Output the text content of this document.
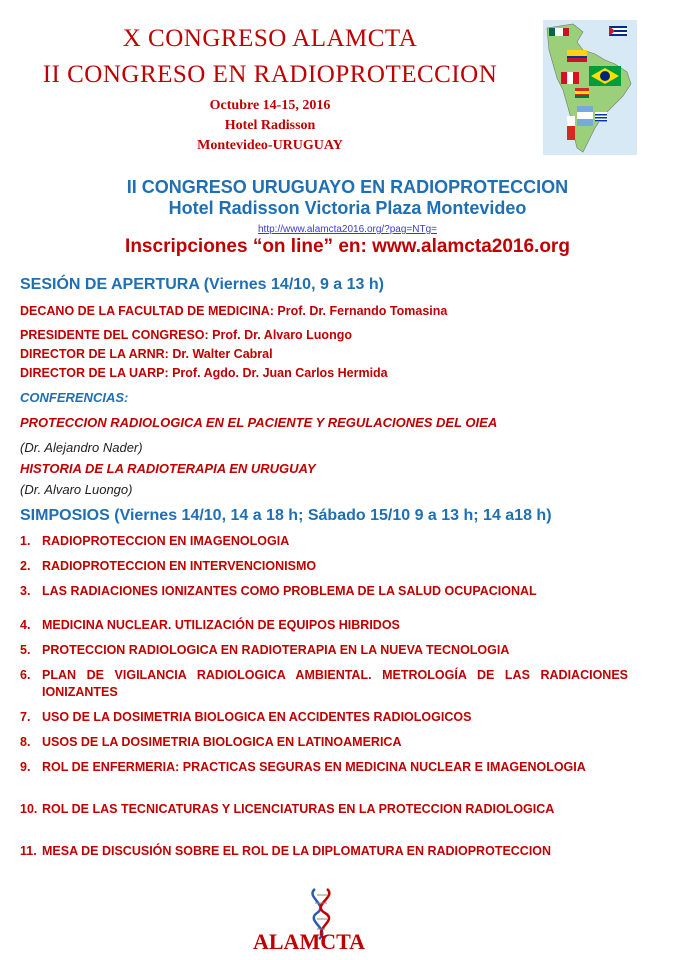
X CONGRESO ALAMCTA
II CONGRESO EN RADIOPROTECCION

Octubre 14-15, 2016

Hotel Radisson

Montevideo-URUGUAY

II CONGRESO URUGUAYO EN RADIOPROTECCION

Hotel Radisson Victoria Plaza Montevideo

http://www.alamcta2016.org/?pag=NTg=

Inscripciones “on line” en: www.alamcta2016.org

SESIÓN DE APERTURA (Viernes 14/10, 9 a 13 h)

DECANO DE LA FACULTAD DE MEDICINA: Prof. Dr. Fernando Tomasina

PRESIDENTE DEL CONGRESO: Prof. Dr. Alvaro Luongo

DIRECTOR DE LA ARNR: Dr. Walter Cabral

DIRECTOR DE LA UARP: Prof. Agdo. Dr. Juan Carlos Hermida

CONFERENCIAS:

PROTECCION RADIOLOGICA EN EL PACIENTE Y REGULACIONES DEL OIEA

(Dr. Alejandro Nader)

HISTORIA DE LA RADIOTERAPIA EN URUGUAY

(Dr. Alvaro Luongo)

SIMPOSIOS (Viernes 14/10, 14 a 18 h; Sábado 15/10 9 a 13 h; 14 a18 h)

1. RADIOPROTECCION EN IMAGENOLOGIA
2. RADIOPROTECCION EN INTERVENCIONISMO
3. LAS RADIACIONES IONIZANTES COMO PROBLEMA DE LA SALUD OCUPACIONAL
4. MEDICINA NUCLEAR. UTILIZACIÓN DE EQUIPOS HIBRIDOS
5. PROTECCION RADIOLOGICA EN RADIOTERAPIA EN LA NUEVA TECNOLOGIA
6. PLAN DE VIGILANCIA RADIOLOGICA AMBIENTAL. METROLOGÍA DE LAS RADIACIONES IONIZANTES
7. USO DE LA DOSIMETRIA BIOLOGICA EN ACCIDENTES RADIOLOGICOS
8. USOS DE LA DOSIMETRIA BIOLOGICA EN LATINOAMERICA
9. ROL DE ENFERMERIA: PRACTICAS SEGURAS EN MEDICINA NUCLEAR E IMAGENOLOGIA
10. ROL DE LAS TECNICATURAS Y LICENCIATURAS EN LA PROTECCION RADIOLOGICA
11. MESA DE DISCUSIÓN SOBRE EL ROL DE LA DIPLOMATURA EN RADIOPROTECCION
ALAMCTA
